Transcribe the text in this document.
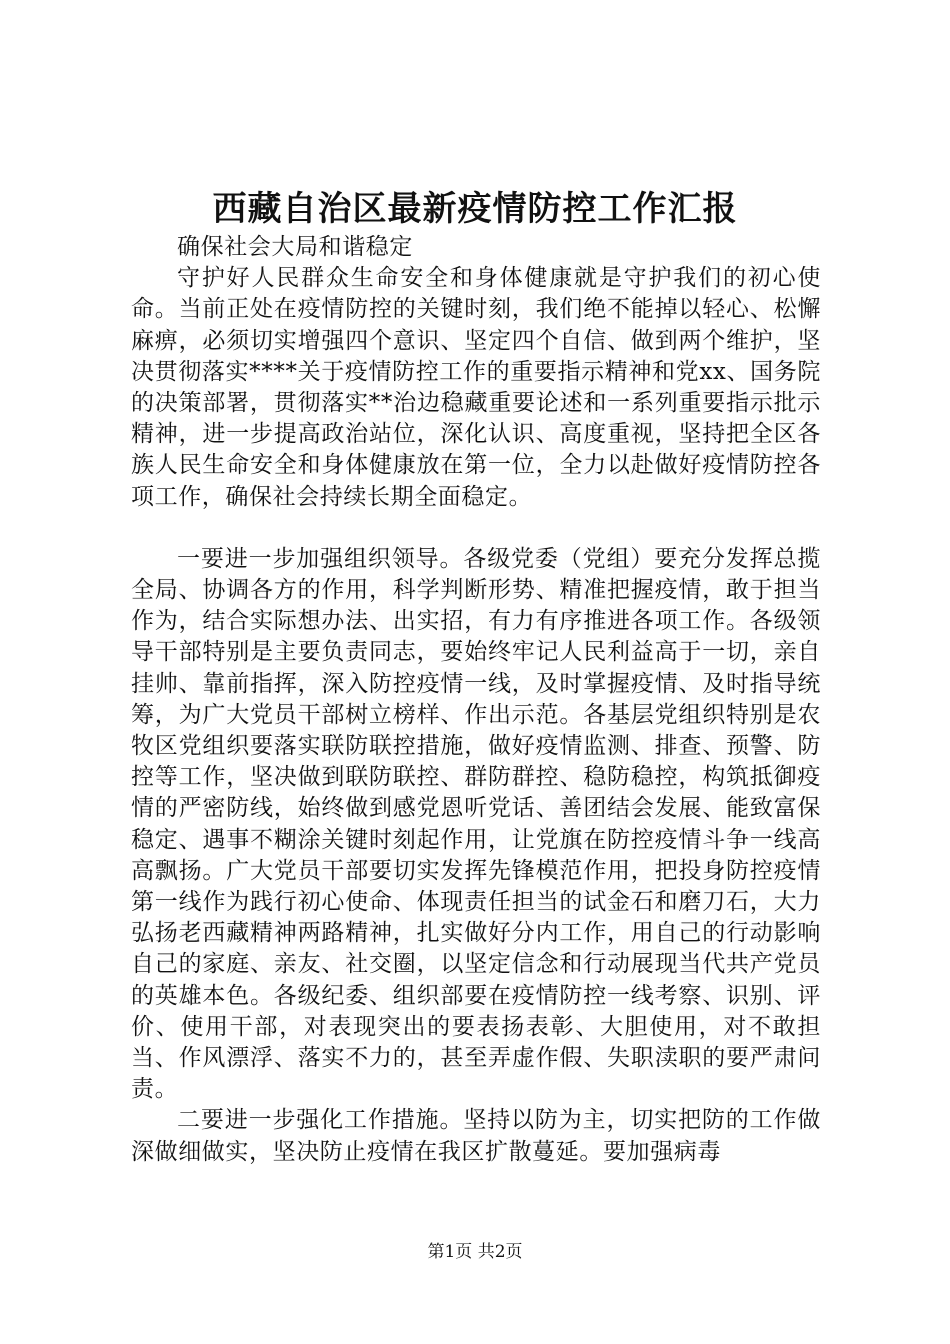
西藏自治区最新疫情防控工作汇报

确保社会大局和谐稳定

守护好人民群众生命安全和身体健康就是守护我们的初心使命。当前正处在疫情防控的关键时刻，我们绝不能掉以轻心、松懈麻痹，必须切实增强四个意识、坚定四个自信、做到两个维护，坚决贯彻落实****关于疫情防控工作的重要指示精神和党xx、国务院的决策部署，贯彻落实**治边稳藏重要论述和一系列重要指示批示精神，进一步提高政治站位，深化认识、高度重视，坚持把全区各族人民生命安全和身体健康放在第一位，全力以赴做好疫情防控各项工作，确保社会持续长期全面稳定。

一要进一步加强组织领导。各级党委（党组）要充分发挥总揽全局、协调各方的作用，科学判断形势、精准把握疫情，敢于担当作为，结合实际想办法、出实招，有力有序推进各项工作。各级领导干部特别是主要负责同志，要始终牢记人民利益高于一切，亲自挂帅、靠前指挥，深入防控疫情一线，及时掌握疫情、及时指导统筹，为广大党员干部树立榜样、作出示范。各基层党组织特别是农牧区党组织要落实联防联控措施，做好疫情监测、排查、预警、防控等工作，坚决做到联防联控、群防群控、稳防稳控，构筑抵御疫情的严密防线，始终做到感党恩听党话、善团结会发展、能致富保稳定、遇事不糊涂关键时刻起作用，让党旗在防控疫情斗争一线高高飘扬。广大党员干部要切实发挥先锋模范作用，把投身防控疫情第一线作为践行初心使命、体现责任担当的试金石和磨刀石，大力弘扬老西藏精神两路精神，扎实做好分内工作，用自己的行动影响自己的家庭、亲友、社交圈，以坚定信念和行动展现当代共产党员的英雄本色。各级纪委、组织部要在疫情防控一线考察、识别、评价、使用干部，对表现突出的要表扬表彰、大胆使用，对不敢担当、作风漂浮、落实不力的，甚至弄虚作假、失职渎职的要严肃问责。

二要进一步强化工作措施。坚持以防为主，切实把防的工作做深做细做实，坚决防止疫情在我区扩散蔓延。要加强病毒

第1页 共2页
